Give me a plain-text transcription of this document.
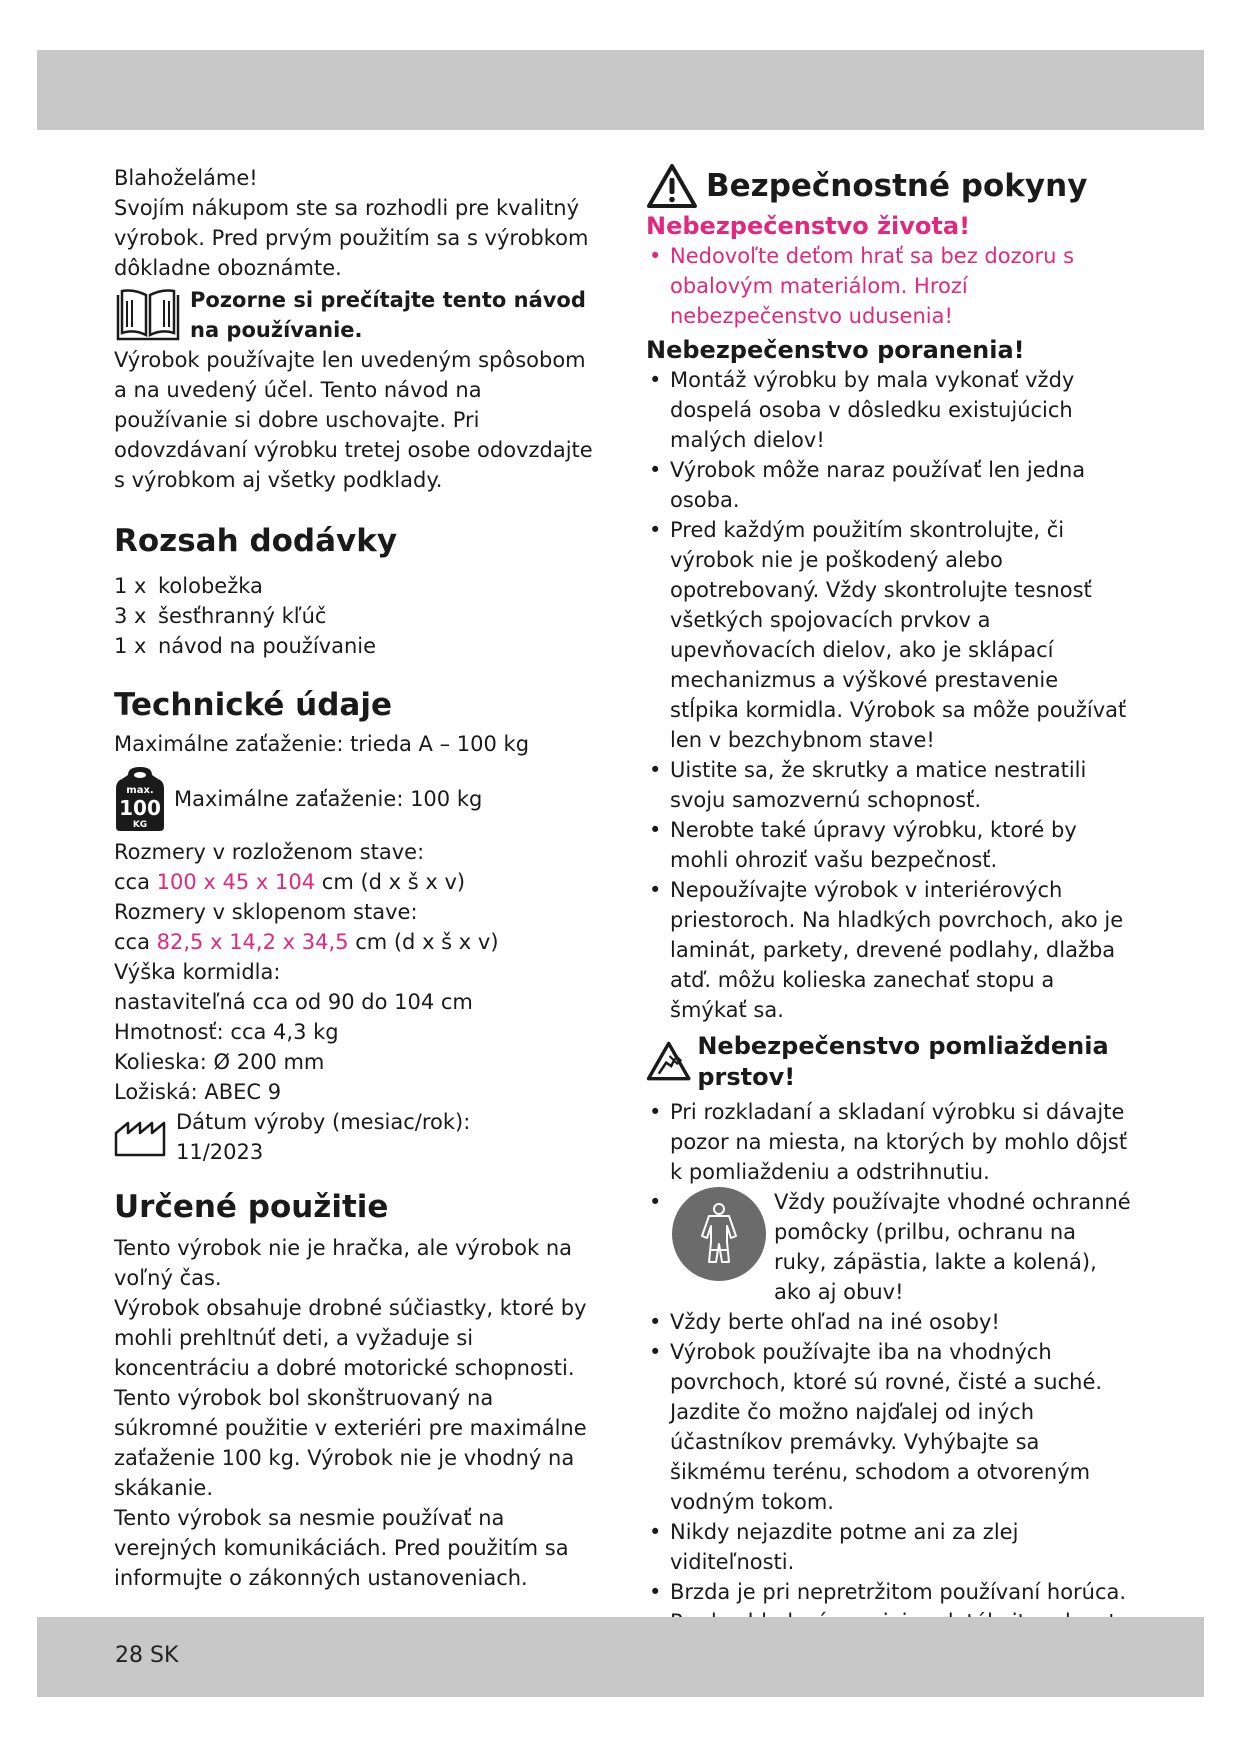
Blahoželáme!

Svojím nákupom ste sa rozhodli pre kvalitný výrobok. Pred prvým použitím sa s výrobkom dôkladne oboznámte.

Pozorne si prečítajte tento návod na používanie.

Výrobok používajte len uvedeným spôsobom a na uvedený účel. Tento návod na používanie si dobre uschovajte. Pri odovzdávaní výrobku tretej osobe odovzdajte s výrobkom aj všetky podklady.

Rozsah dodávky
1 x kolobežka
3 x šesťhranný kľúč
1 x návod na používanie
Technické údaje

Maximálne zaťaženie: trieda A – 100 kg

max.
100
KG
Maximálne zaťaženie: 100 kg

Rozmery v rozloženom stave:

cca 100 x 45 x 104 cm (d x š x v)

Rozmery v sklopenom stave:

cca 82,5 x 14,2 x 34,5 cm (d x š x v)

Výška kormidla:

nastaviteľná cca od 90 do 104 cm

Hmotnosť: cca 4,3 kg

Kolieska: Ø 200 mm

Ložiská: ABEC 9

Dátum výroby (mesiac/rok):
11/2023
Určené použitie

Tento výrobok nie je hračka, ale výrobok na voľný čas.

Výrobok obsahuje drobné súčiastky, ktoré by mohli prehltnúť deti, a vyžaduje si koncentráciu a dobré motorické schopnosti.

Tento výrobok bol skonštruovaný na súkromné použitie v exteriéri pre maximálne zaťaženie 100 kg. Výrobok nie je vhodný na skákanie.

Tento výrobok sa nesmie používať na verejných komunikáciách. Pred použitím sa informujte o zákonných ustanoveniach.

Bezpečnostné pokyny
Nebezpečenstvo života!
• Nedovoľte deťom hrať sa bez dozoru s obalovým materiálom. Hrozí nebezpečenstvo udusenia!
Nebezpečenstvo poranenia!
• Montáž výrobku by mala vykonať vždy dospelá osoba v dôsledku existujúcich malých dielov!
• Výrobok môže naraz používať len jedna osoba.
• Pred každým použitím skontrolujte, či výrobok nie je poškodený alebo opotrebovaný. Vždy skontrolujte tesnosť všetkých spojovacích prvkov a upevňovacích dielov, ako je sklápací mechanizmus a výškové prestavenie stĺpika kormidla. Výrobok sa môže používať len v bezchybnom stave!
• Uistite sa, že skrutky a matice nestratili svoju samozvernú schopnosť.
• Nerobte také úpravy výrobku, ktoré by mohli ohroziť vašu bezpečnosť.
• Nepoužívajte výrobok v interiérových priestoroch. Na hladkých povrchoch, ako je laminát, parkety, drevené podlahy, dlažba atď. môžu kolieska zanechať stopu a šmýkať sa.
Nebezpečenstvo pomliaždenia prstov!
• Pri rozkladaní a skladaní výrobku si dávajte pozor na miesta, na ktorých by mohlo dôjsť k pomliaždeniu a odstrihnutiu.
• Vždy používajte vhodné ochranné pomôcky (prilbu, ochranu na ruky, zápästia, lakte a kolená), ako aj obuv!
• Vždy berte ohľad na iné osoby!
• Výrobok používajte iba na vhodných povrchoch, ktoré sú rovné, čisté a suché. Jazdite čo možno najďalej od iných účastníkov premávky. Vyhýbajte sa šikmému terénu, schodom a otvoreným vodným tokom.
• Nikdy nejazdite potme ani za zlej viditeľnosti.
• Brzda je pri nepretržitom používaní horúca.
28 SK
